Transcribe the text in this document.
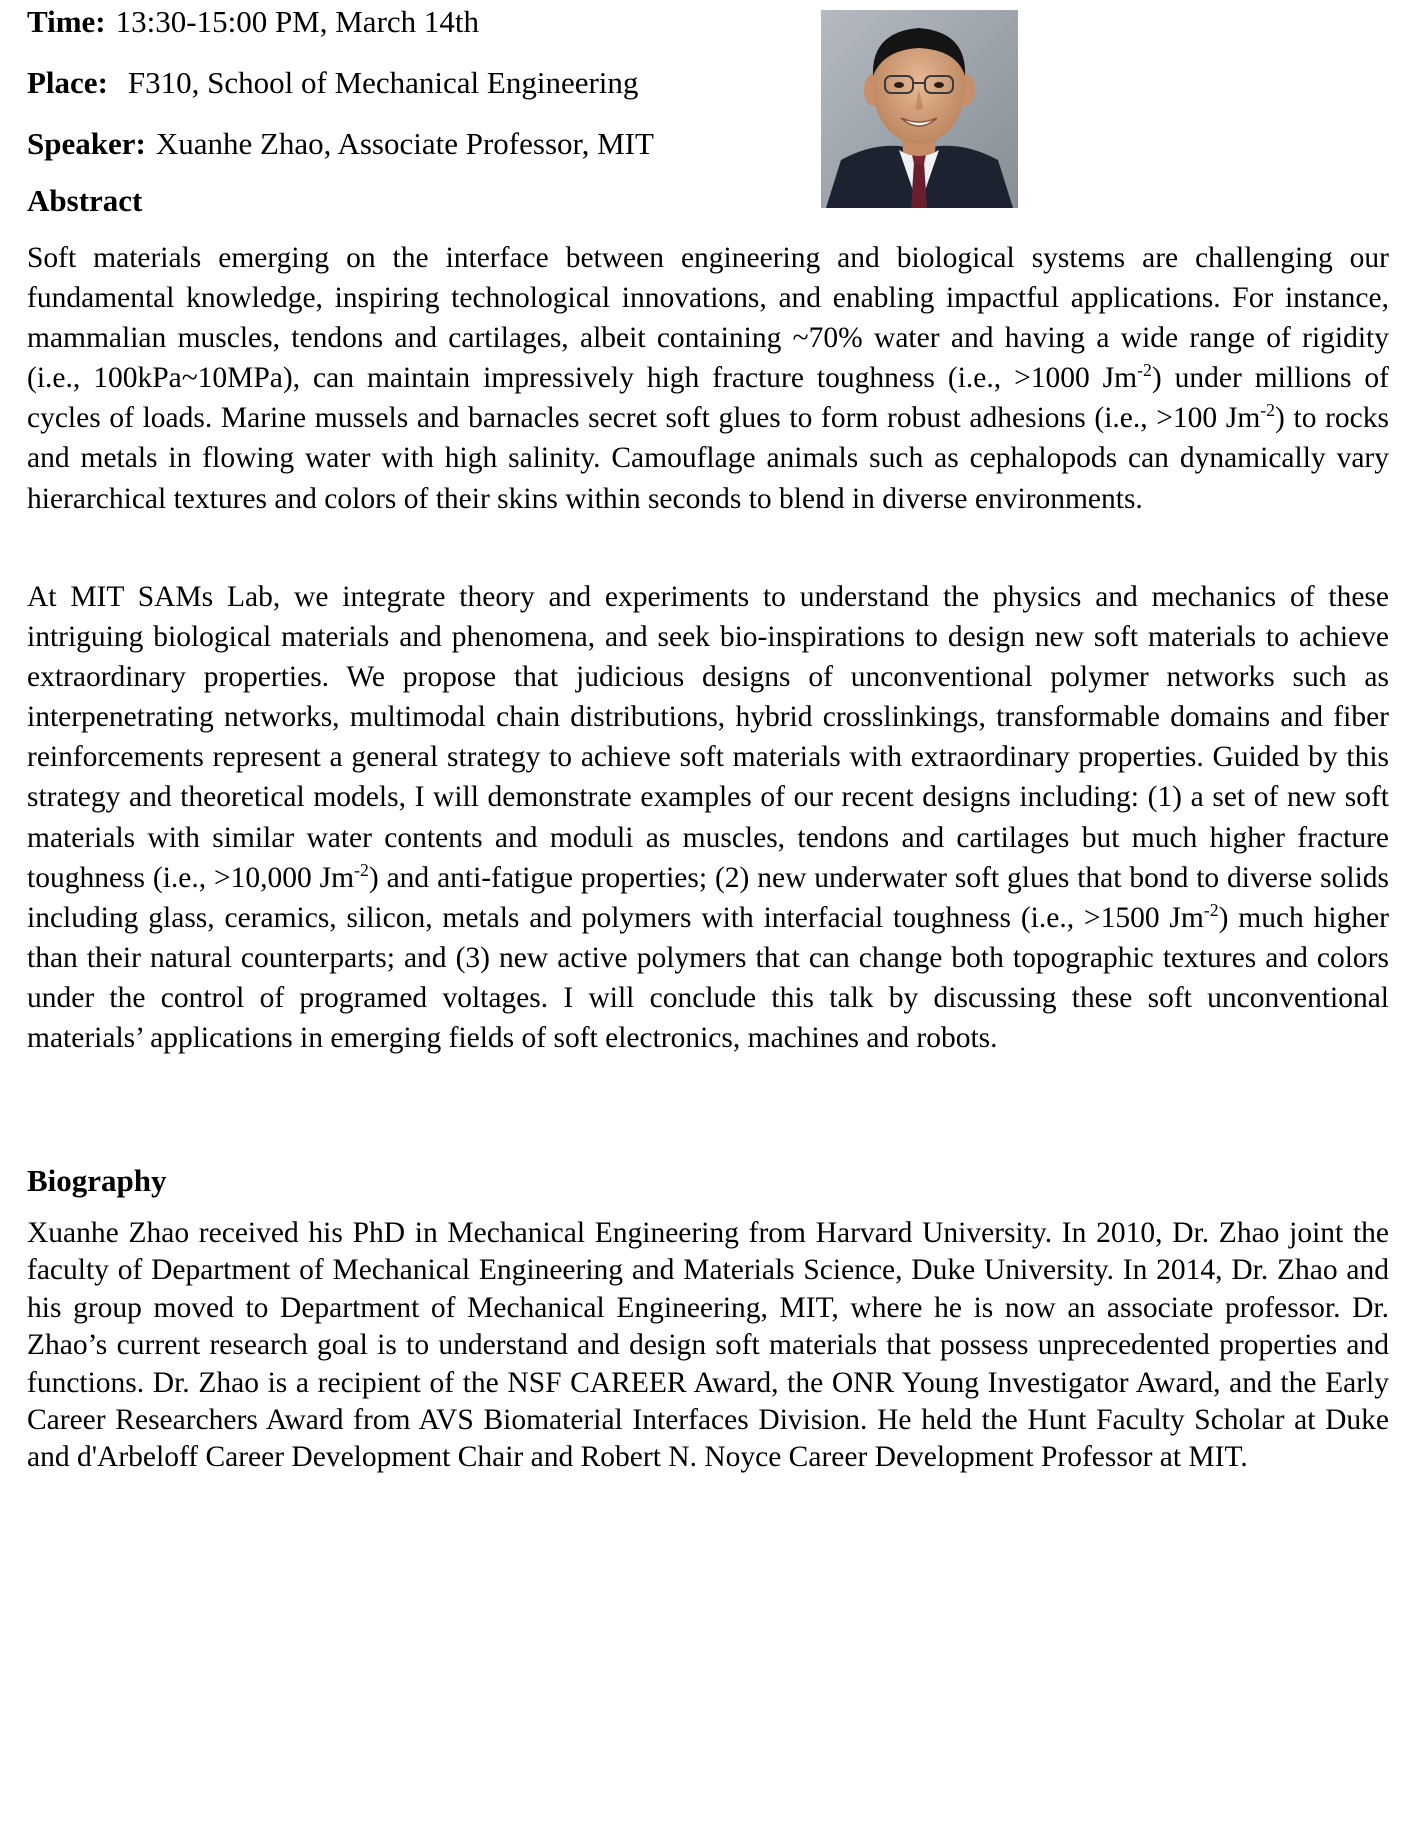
Time: 13:30-15:00 PM, March 14th
Place: F310, School of Mechanical Engineering
Speaker: Xuanhe Zhao, Associate Professor, MIT
Abstract

Soft materials emerging on the interface between engineering and biological systems are challenging our fundamental knowledge, inspiring technological innovations, and enabling impactful applications. For instance, mammalian muscles, tendons and cartilages, albeit containing ~70% water and having a wide range of rigidity (i.e., 100kPa~10MPa), can maintain impressively high fracture toughness (i.e., >1000 $Jm^{-2}$) under millions of cycles of loads. Marine mussels and barnacles secret soft glues to form robust adhesions (i.e., >100 $Jm^{-2}$) to rocks and metals in flowing water with high salinity. Camouflage animals such as cephalopods can dynamically vary hierarchical textures and colors of their skins within seconds to blend in diverse environments.

At MIT SAMs Lab, we integrate theory and experiments to understand the physics and mechanics of these intriguing biological materials and phenomena, and seek bio-inspirations to design new soft materials to achieve extraordinary properties. We propose that judicious designs of unconventional polymer networks such as interpenetrating networks, multimodal chain distributions, hybrid crosslinkings, transformable domains and fiber reinforcements represent a general strategy to achieve soft materials with extraordinary properties. Guided by this strategy and theoretical models, I will demonstrate examples of our recent designs including: (1) a set of new soft materials with similar water contents and moduli as muscles, tendons and cartilages but much higher fracture toughness (i.e., >10,000 $Jm^{-2}$) and anti-fatigue properties; (2) new underwater soft glues that bond to diverse solids including glass, ceramics, silicon, metals and polymers with interfacial toughness (i.e., >1500 $Jm^{-2}$) much higher than their natural counterparts; and (3) new active polymers that can change both topographic textures and colors under the control of programed voltages. I will conclude this talk by discussing these soft unconventional materials’ applications in emerging fields of soft electronics, machines and robots.

Biography

Xuanhe Zhao received his PhD in Mechanical Engineering from Harvard University. In 2010, Dr. Zhao joint the faculty of Department of Mechanical Engineering and Materials Science, Duke University. In 2014, Dr. Zhao and his group moved to Department of Mechanical Engineering, MIT, where he is now an associate professor. Dr. Zhao’s current research goal is to understand and design soft materials that possess unprecedented properties and functions. Dr. Zhao is a recipient of the NSF CAREER Award, the ONR Young Investigator Award, and the Early Career Researchers Award from AVS Biomaterial Interfaces Division. He held the Hunt Faculty Scholar at Duke and d'Arbeloff Career Development Chair and Robert N. Noyce Career Development Professor at MIT.
